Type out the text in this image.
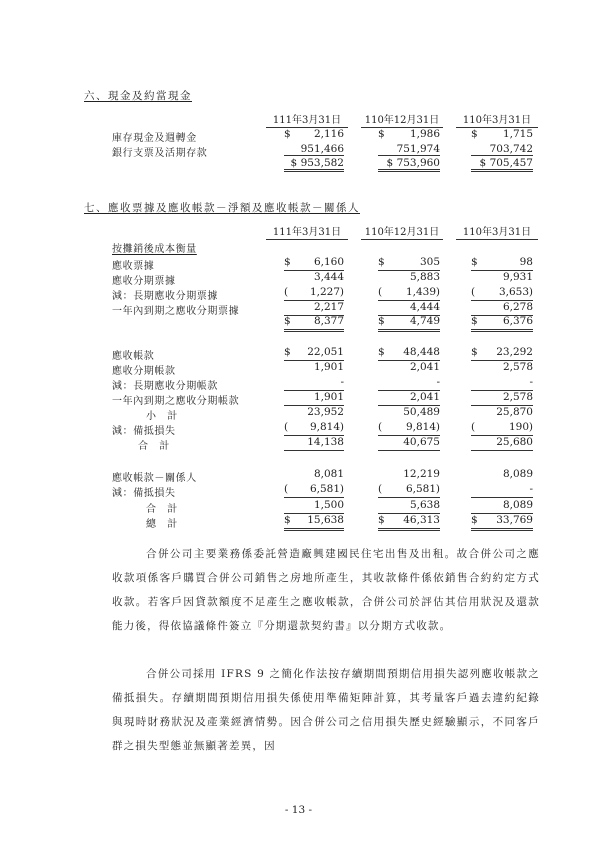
六、現金及約當現金
111年3月31日	110年12月31日	110年3月31日
庫存現金及週轉金	$ 2,116	$ 1,986	$ 1,715
銀行支票及活期存款	951,466	751,974	703,742
$ 953,582	$ 753,960	$ 705,457
七、應收票據及應收帳款－淨額及應收帳款－關係人
111年3月31日	110年12月31日	110年3月31日
按攤銷後成本衡量
應收票據	$ 6,160	$	305	$	98
應收分期票據	3,444	5,883	9,931
減：長期應收分期票據	( 1,227 )	( 1,439 )	( 3,653 )
一年內到期之應收分期票據	2,217	4,444	6,278
$ 8,377	$ 4,749	$ 6,376
應收帳款	$ 22,051	$ 48,448	$ 23,292
應收分期帳款	1,901	2,041	2,578
減：長期應收分期帳款	-	-	-
一年內到期之應收分期帳款	1,901	2,041	2,578
小　計	23,952	50,489	25,870
減：備抵損失	( 9,814 )	( 9,814 )	(	190 )
合　計	14,138	40,675	25,680
應收帳款－關係人	8,081	12,219	8,089
減：備抵損失	( 6,581 )	( 6,581 )	-
合　計	1,500	5,638	8,089
總　計	$ 15,638	$ 46,313	$ 33,769
合併公司主要業務係委託營造廠興建國民住宅出售及出租。故合併公司之應收款項係客戶購買合併公司銷售之房地所產生，其收款條件係依銷售合約約定方式收款。若客戶因貸款額度不足產生之應收帳款，合併公司於評估其信用狀況及還款能力後，得依協議條件簽立『分期還款契約書』以分期方式收款。
合併公司採用 IFRS 9 之簡化作法按存續期間預期信用損失認列應收帳款之備抵損失。存續期間預期信用損失係使用準備矩陣計算，其考量客戶過去違約紀錄與現時財務狀況及產業經濟情勢。因合併公司之信用損失歷史經驗顯示，不同客戶群之損失型態並無顯著差異，因
- 13 -
